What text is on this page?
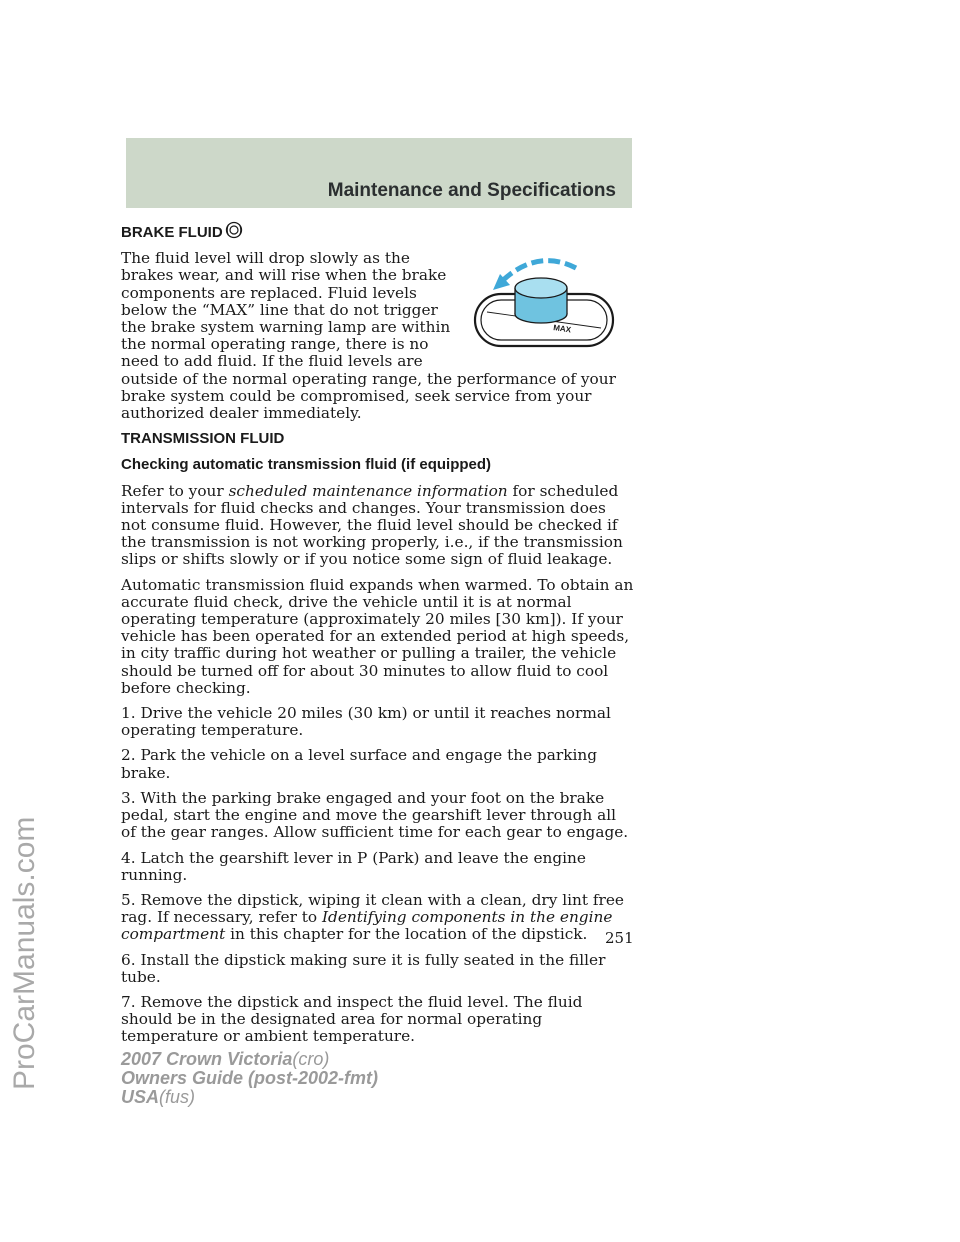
Maintenance and Specifications
ProCarManuals.com
BRAKE FLUID
MAX

The fluid level will drop slowly as the brakes wear, and will rise when the brake components are replaced. Fluid levels below the “MAX” line that do not trigger the brake system warning lamp are within the normal operating range, there is no need to add fluid. If the fluid levels are outside of the normal operating range, the performance of your brake system could be compromised, seek service from your authorized dealer immediately.

TRANSMISSION FLUID
Checking automatic transmission fluid (if equipped)

Refer to your scheduled maintenance information for scheduled intervals for fluid checks and changes. Your transmission does not consume fluid. However, the fluid level should be checked if the transmission is not working properly, i.e., if the transmission slips or shifts slowly or if you notice some sign of fluid leakage.

Automatic transmission fluid expands when warmed. To obtain an accurate fluid check, drive the vehicle until it is at normal operating temperature (approximately 20 miles [30 km]). If your vehicle has been operated for an extended period at high speeds, in city traffic during hot weather or pulling a trailer, the vehicle should be turned off for about 30 minutes to allow fluid to cool before checking.

1. Drive the vehicle 20 miles (30 km) or until it reaches normal operating temperature.

2. Park the vehicle on a level surface and engage the parking brake.

3. With the parking brake engaged and your foot on the brake pedal, start the engine and move the gearshift lever through all of the gear ranges. Allow sufficient time for each gear to engage.

4. Latch the gearshift lever in P (Park) and leave the engine running.

5. Remove the dipstick, wiping it clean with a clean, dry lint free rag. If necessary, refer to Identifying components in the engine compartment in this chapter for the location of the dipstick.

6. Install the dipstick making sure it is fully seated in the filler tube.

7. Remove the dipstick and inspect the fluid level. The fluid should be in the designated area for normal operating temperature or ambient temperature.

251
2007 Crown Victoria(cro)
Owners Guide (post-2002-fmt)
USA(fus)
